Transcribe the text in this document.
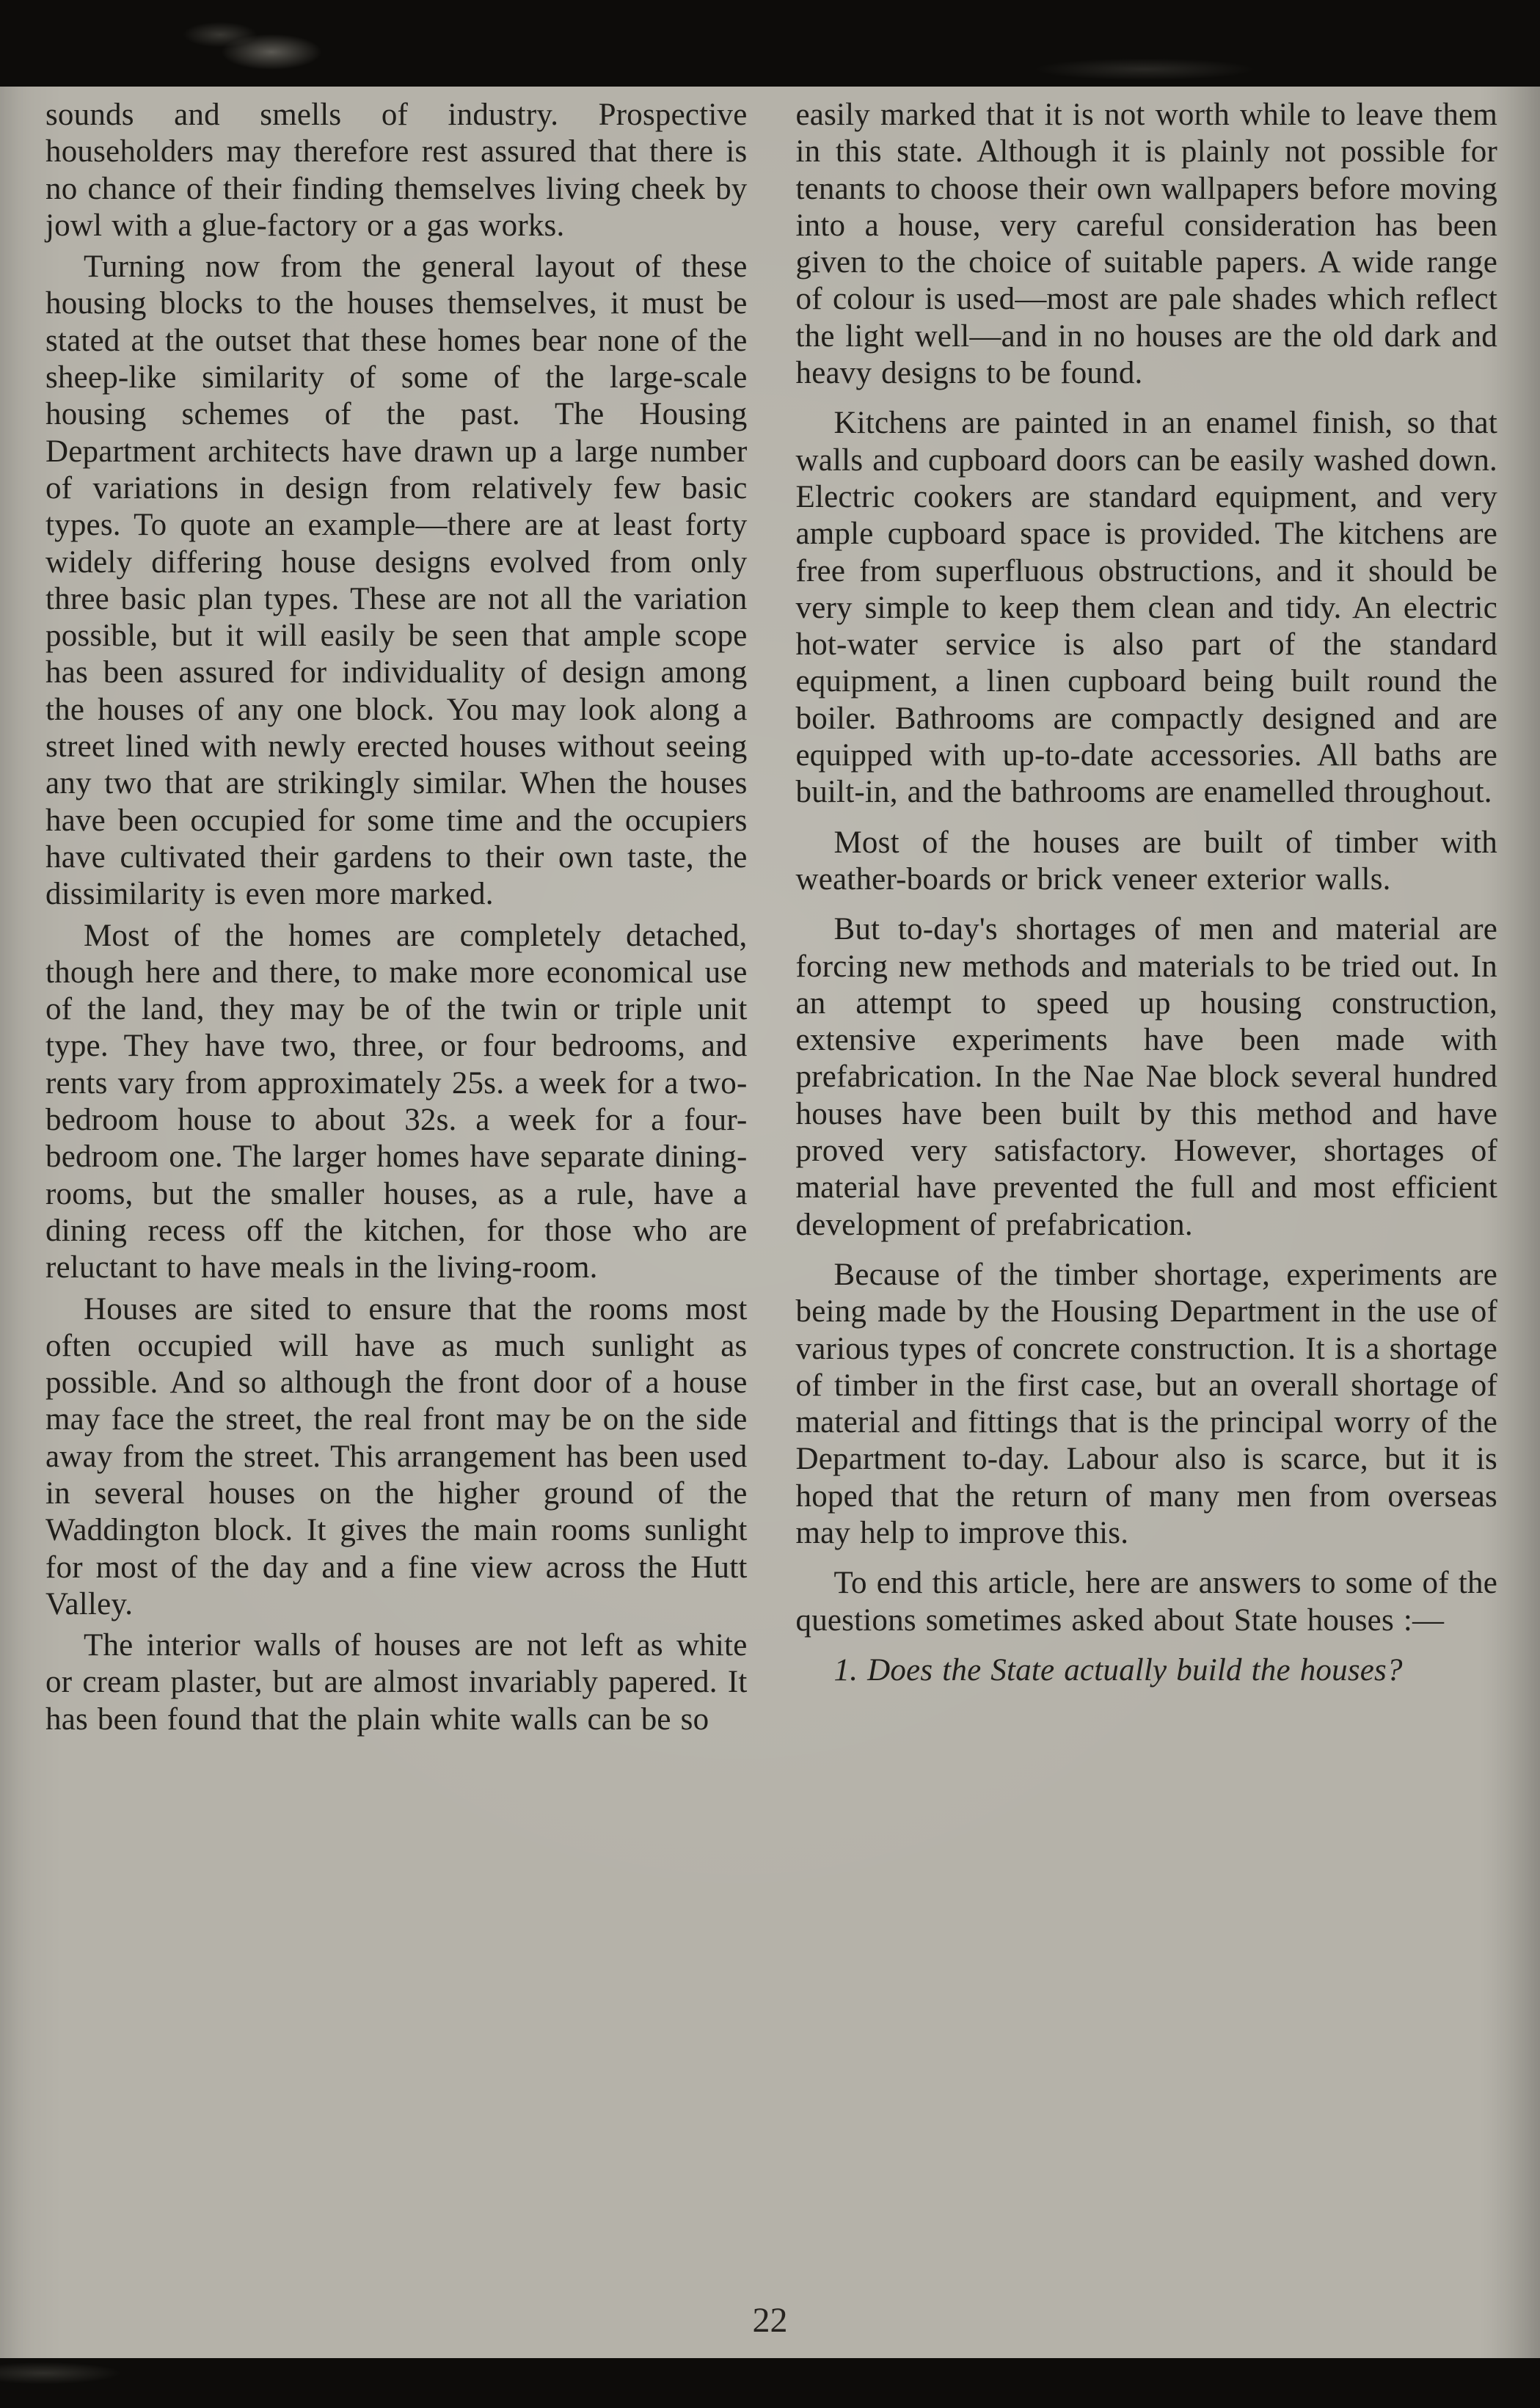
sounds and smells of industry. Prospective householders may therefore rest assured that there is no chance of their finding themselves living cheek by jowl with a glue-factory or a gas works.

Turning now from the general layout of these housing blocks to the houses themselves, it must be stated at the outset that these homes bear none of the sheep-like similarity of some of the large-scale housing schemes of the past. The Housing Department architects have drawn up a large number of variations in design from relatively few basic types. To quote an example—there are at least forty widely differing house designs evolved from only three basic plan types. These are not all the variation possible, but it will easily be seen that ample scope has been assured for individuality of design among the houses of any one block. You may look along a street lined with newly erected houses without seeing any two that are strikingly similar. When the houses have been occupied for some time and the occupiers have cultivated their gardens to their own taste, the dissimilarity is even more marked.

Most of the homes are completely detached, though here and there, to make more economical use of the land, they may be of the twin or triple unit type. They have two, three, or four bedrooms, and rents vary from approximately 25s. a week for a two-bedroom house to about 32s. a week for a four-bedroom one. The larger homes have separate dining-rooms, but the smaller houses, as a rule, have a dining recess off the kitchen, for those who are reluctant to have meals in the living-room.

Houses are sited to ensure that the rooms most often occupied will have as much sunlight as possible. And so although the front door of a house may face the street, the real front may be on the side away from the street. This arrangement has been used in several houses on the higher ground of the Waddington block. It gives the main rooms sunlight for most of the day and a fine view across the Hutt Valley.

The interior walls of houses are not left as white or cream plaster, but are almost invariably papered. It has been found that the plain white walls can be so

easily marked that it is not worth while to leave them in this state. Although it is plainly not possible for tenants to choose their own wallpapers before moving into a house, very careful consideration has been given to the choice of suitable papers. A wide range of colour is used—most are pale shades which reflect the light well—and in no houses are the old dark and heavy designs to be found.

Kitchens are painted in an enamel finish, so that walls and cupboard doors can be easily washed down. Electric cookers are standard equipment, and very ample cupboard space is provided. The kitchens are free from superfluous obstructions, and it should be very simple to keep them clean and tidy. An electric hot-water service is also part of the standard equipment, a linen cupboard being built round the boiler. Bathrooms are compactly designed and are equipped with up-to-date accessories. All baths are built-in, and the bathrooms are enamelled throughout.

Most of the houses are built of timber with weather-boards or brick veneer exterior walls.

But to-day's shortages of men and material are forcing new methods and materials to be tried out. In an attempt to speed up housing construction, extensive experiments have been made with prefabrication. In the Nae Nae block several hundred houses have been built by this method and have proved very satisfactory. However, shortages of material have prevented the full and most efficient development of prefabrication.

Because of the timber shortage, experiments are being made by the Housing Department in the use of various types of concrete construction. It is a shortage of timber in the first case, but an overall shortage of material and fittings that is the principal worry of the Department to-day. Labour also is scarce, but it is hoped that the return of many men from overseas may help to improve this.

To end this article, here are answers to some of the questions sometimes asked about State houses :—

1. Does the State actually build the houses?

22
